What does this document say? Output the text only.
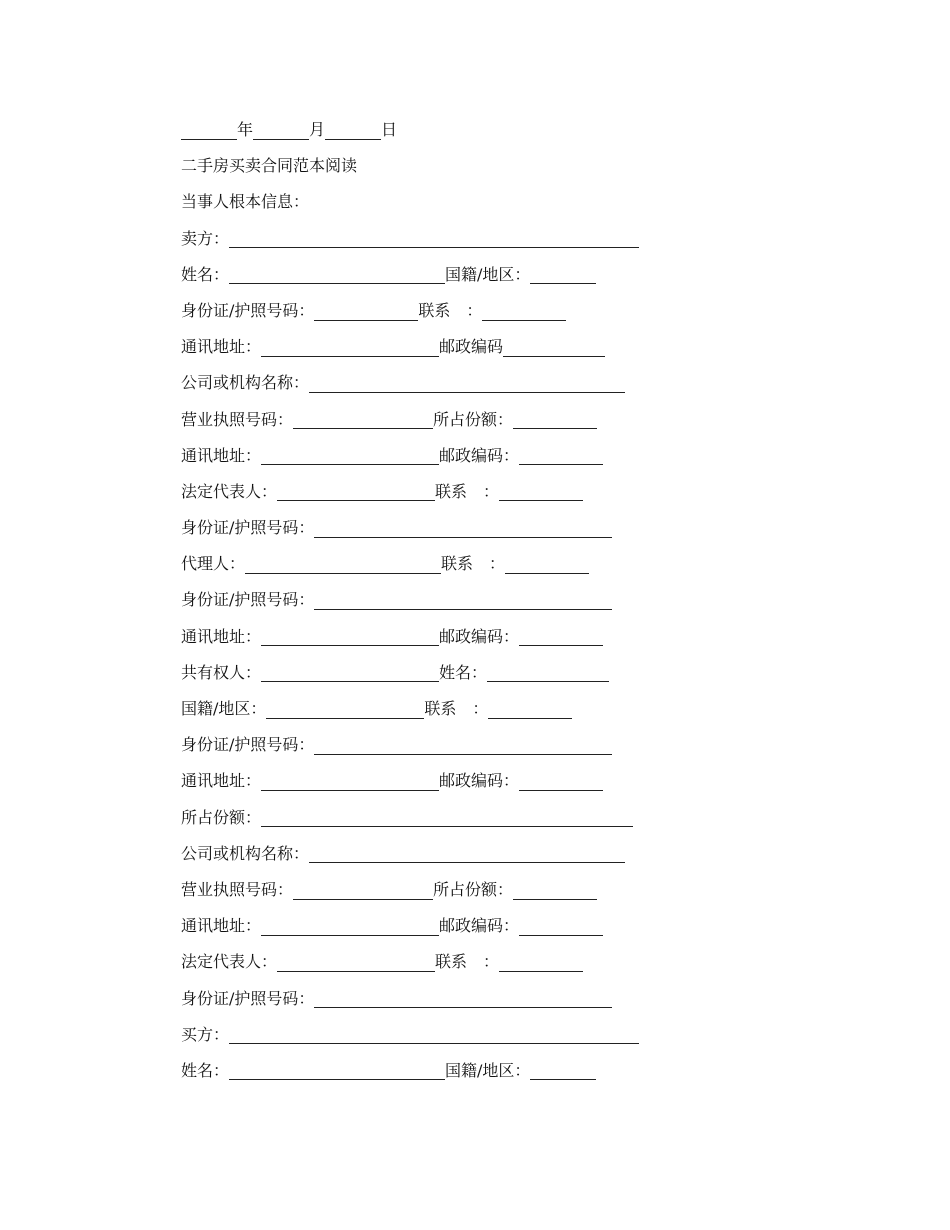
年	月	日
二手房买卖合同范本阅读
当事人根本信息：
卖方：
姓名：	国籍/地区：
身份证/护照号码：	联系　：
通讯地址：	邮政编码
公司或机构名称：
营业执照号码：	所占份额：
通讯地址：	邮政编码：
法定代表人：	联系　：
身份证/护照号码：
代理人：	联系　：
身份证/护照号码：
通讯地址：	邮政编码：
共有权人：	姓名：
国籍/地区：	联系　：
身份证/护照号码：
通讯地址：	邮政编码：
所占份额：
公司或机构名称：
营业执照号码：	所占份额：
通讯地址：	邮政编码：
法定代表人：	联系　：
身份证/护照号码：
买方：
姓名：	国籍/地区：
